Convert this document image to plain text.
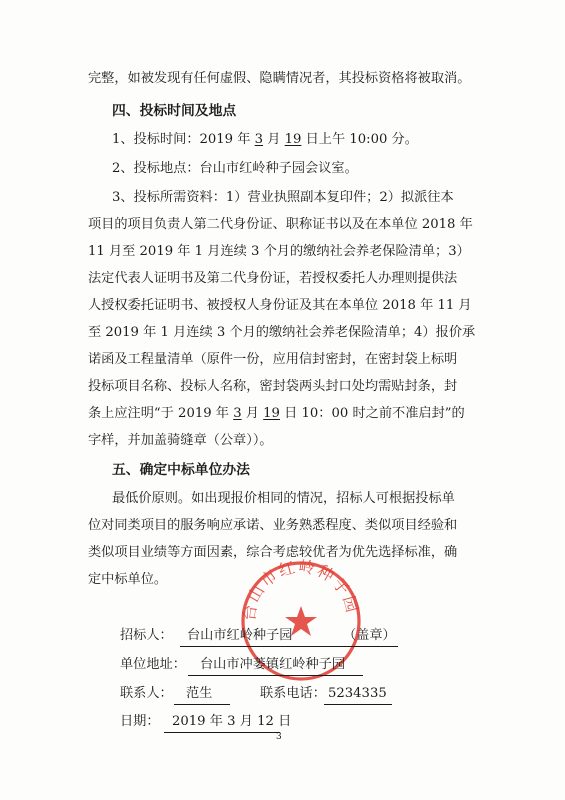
完整，如被发现有任何虚假、隐瞒情况者，其投标资格将被取消。
四、投标时间及地点
1、投标时间：2019 年 3 月 19 日上午 10:00 分。
2、投标地点：台山市红岭种子园会议室。
3、投标所需资料：1）营业执照副本复印件；2）拟派往本
项目的项目负责人第二代身份证、职称证书以及在本单位 2018 年
11 月至 2019 年 1 月连续 3 个月的缴纳社会养老保险清单；3）
法定代表人证明书及第二代身份证，若授权委托人办理则提供法
人授权委托证明书、被授权人身份证及其在本单位 2018 年 11 月
至 2019 年 1 月连续 3 个月的缴纳社会养老保险清单；4）报价承
诺函及工程量清单（原件一份，应用信封密封，在密封袋上标明
投标项目名称、投标人名称，密封袋两头封口处均需贴封条，封
条上应注明“于 2019 年 3 月 19 日 10：00 时之前不准启封”的
字样，并加盖骑缝章（公章））。
五、确定中标单位办法
最低价原则。如出现报价相同的情况，招标人可根据投标单
位对同类项目的服务响应承诺、业务熟悉程度、类似项目经验和
类似项目业绩等方面因素，综合考虑较优者为优先选择标准，确
定中标单位。
台山市红岭种子园
招标人： 台山市红岭种子园	（盖章）
单位地址： 台山市冲蒌镇红岭种子园
联系人： 范生	联系电话： 5234335
日期： 2019 年 3 月 12 日
3
